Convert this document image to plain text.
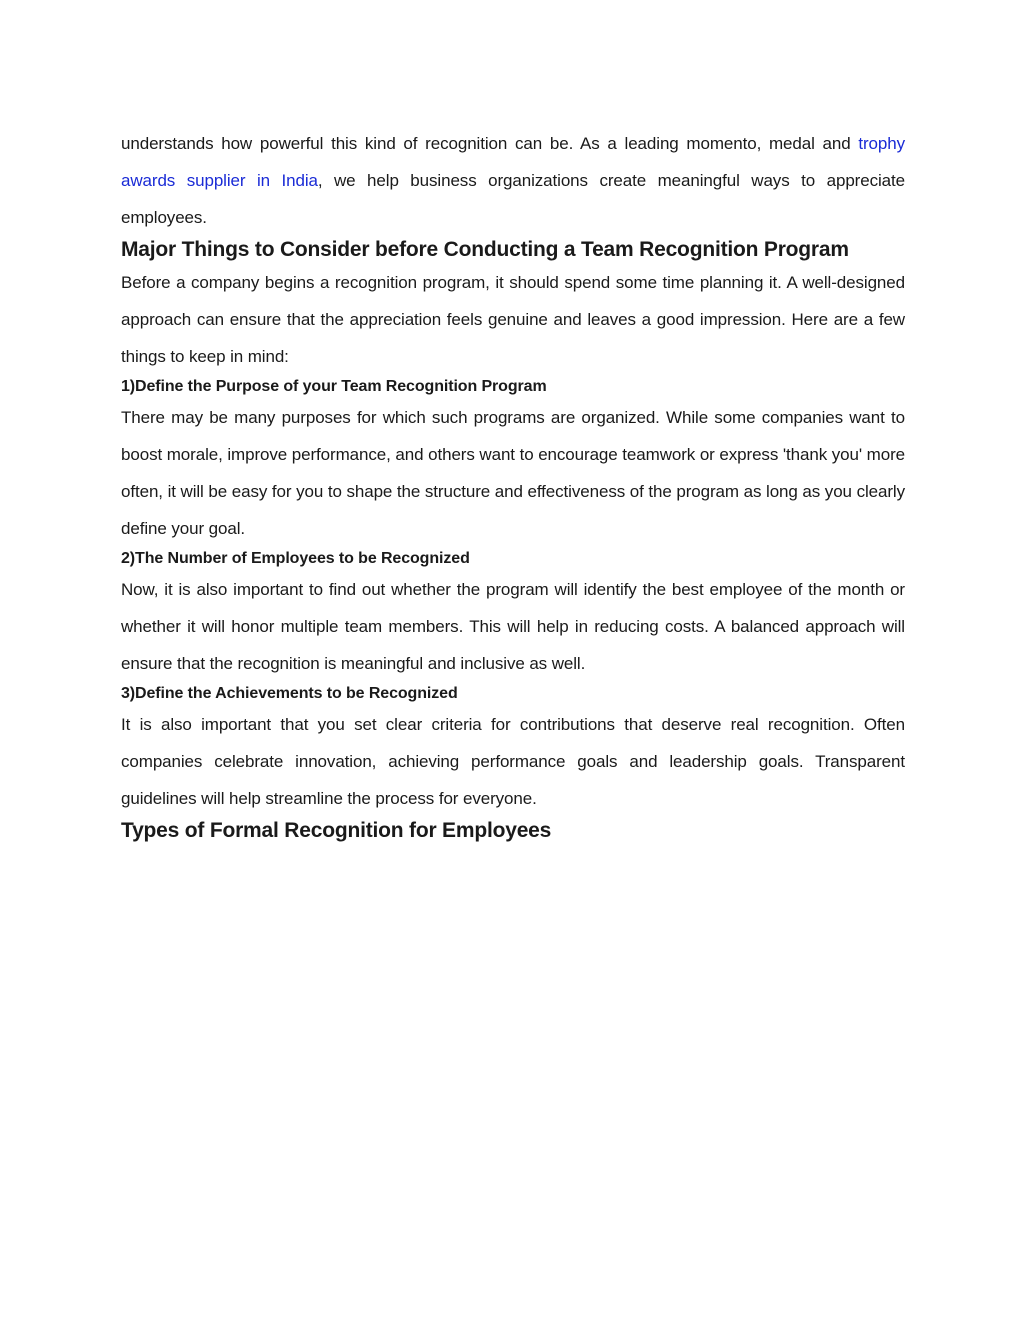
understands how powerful this kind of recognition can be. As a leading momento, medal and trophy awards supplier in India, we help business organizations create meaningful ways to appreciate employees.

Major Things to Consider before Conducting a Team Recognition Program

Before a company begins a recognition program, it should spend some time planning it. A well-designed approach can ensure that the appreciation feels genuine and leaves a good impression. Here are a few things to keep in mind:

1)Define the Purpose of your Team Recognition Program

There may be many purposes for which such programs are organized. While some companies want to boost morale, improve performance, and others want to encourage teamwork or express 'thank you' more often, it will be easy for you to shape the structure and effectiveness of the program as long as you clearly define your goal.

2)The Number of Employees to be Recognized

Now, it is also important to find out whether the program will identify the best employee of the month or whether it will honor multiple team members. This will help in reducing costs. A balanced approach will ensure that the recognition is meaningful and inclusive as well.

3)Define the Achievements to be Recognized

It is also important that you set clear criteria for contributions that deserve real recognition. Often companies celebrate innovation, achieving performance goals and leadership goals. Transparent guidelines will help streamline the process for everyone.

Types of Formal Recognition for Employees
